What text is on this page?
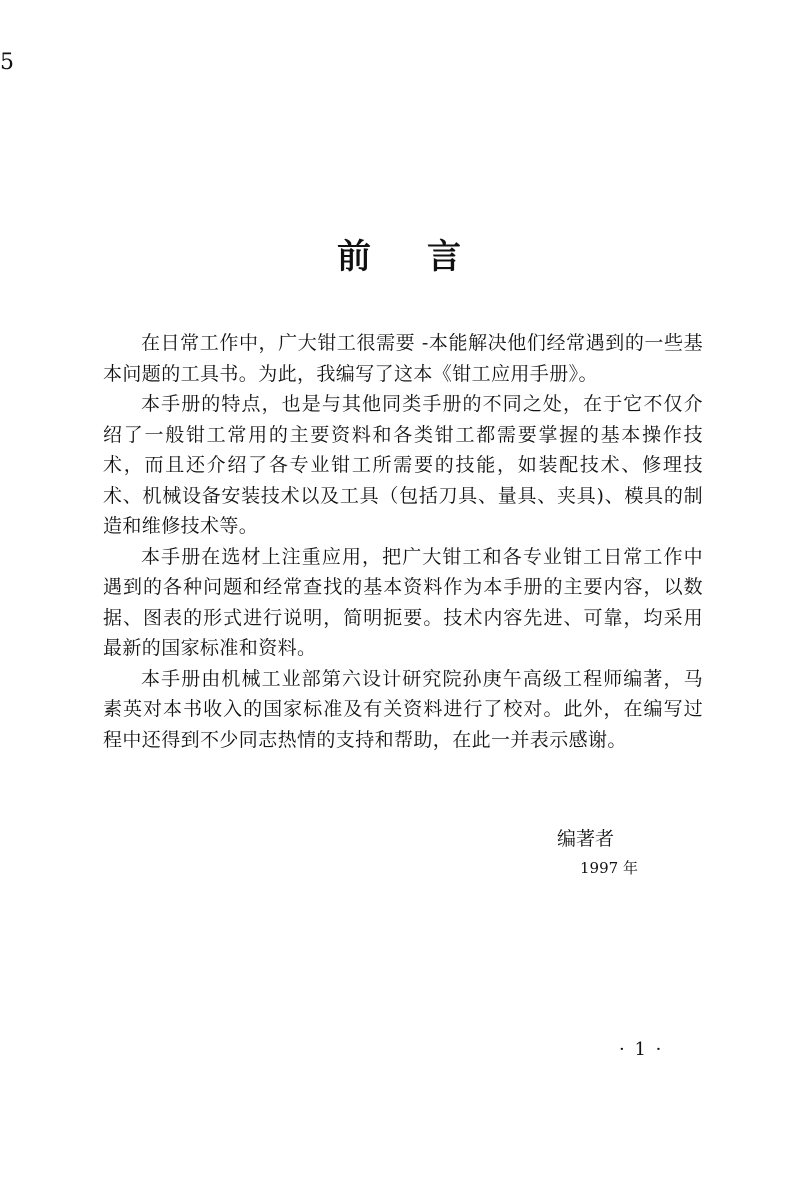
5
前言

在日常工作中，广大钳工很需要 -本能解决他们经常遇到的一些基本问题的工具书。为此，我编写了这本《钳工应用手册》。

本手册的特点，也是与其他同类手册的不同之处，在于它不仅介绍了一般钳工常用的主要资料和各类钳工都需要掌握的基本操作技术，而且还介绍了各专业钳工所需要的技能，如装配技术、修理技术、机械设备安装技术以及工具（包括刀具、量具、夹具)、模具的制造和维修技术等。

本手册在选材上注重应用，把广大钳工和各专业钳工日常工作中遇到的各种问题和经常查找的基本资料作为本手册的主要内容，以数据、图表的形式进行说明，简明扼要。技术内容先进、可靠，均采用最新的国家标准和资料。

本手册由机械工业部第六设计研究院孙庚午高级工程师编著，马素英对本书收入的国家标准及有关资料进行了校对。此外，在编写过程中还得到不少同志热情的支持和帮助，在此一并表示感谢。

编著者
1997 年
· 1 ·
